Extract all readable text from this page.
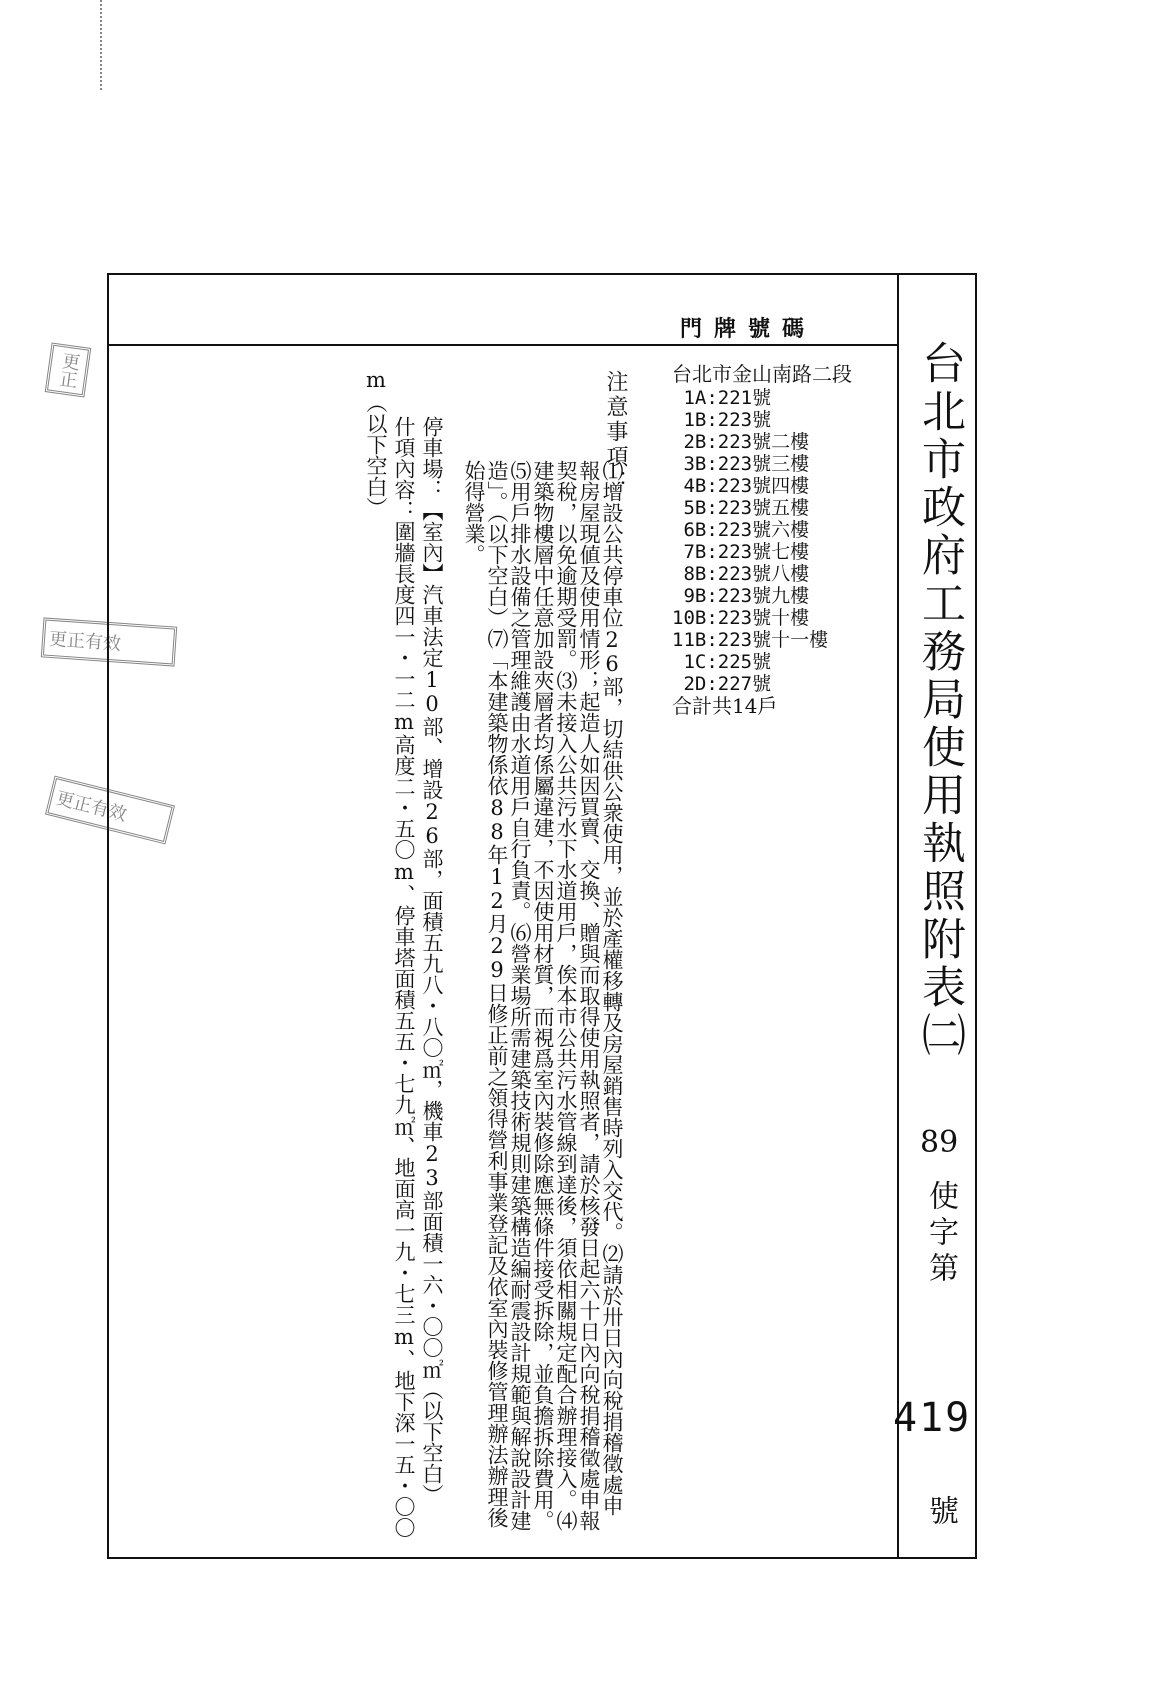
門牌號碼
台北市政府工務局使用執照附表㈡
89
使字第
419
號
台北市金山南路二段
1A:221號
1B:223號
2B:223號二樓
3B:223號三樓
4B:223號四樓
5B:223號五樓
6B:223號六樓
7B:223號七樓
8B:223號八樓
9B:223號九樓
10B:223號十樓
11B:223號十一樓
1C:225號
2D:227號
合計共14戶
注意事項：
⑴增設公共停車位26部，切結供公衆使用，並於產權移轉及房屋銷售時列入交代。⑵請於卅日內向稅捐稽徵處申報房屋現値及使用情形；起造人如因買賣、交換、贈與而取得使用執照者，請於核發日起六十日內向稅捐稽徵處申報契稅，以免逾期受罰。⑶未接入公共污水下水道用戶，俟本市公共污水管線到達後，須依相關規定配合辦理接入。⑷建築物樓層中任意加設夾層者均係屬違建，不因使用材質，而視爲室內裝修除應無條件接受拆除，並負擔拆除費用。⑸用戶排水設備之管理維護由水道用戶自行負責。⑹營業場所需建築技術規則建築構造編耐震設計規範與解說設計建造」。（以下空白）⑺「本建築物係依88年12月29日修正前之領得營利事業登記及依室內裝修管理辦法辦理後始得營業。

停車場：【室內】汽車法定10部、增設26部，面積五九八・八〇㎡，機車23部面積一六・〇〇㎡（以下空白）

什項內容：圍牆長度四一・一二m高度二・五〇m、停車塔面積五五・七九㎡、地面高一九・七三m、地下深一五・〇〇m（以下空白）

更正
更正有效
更正有效
